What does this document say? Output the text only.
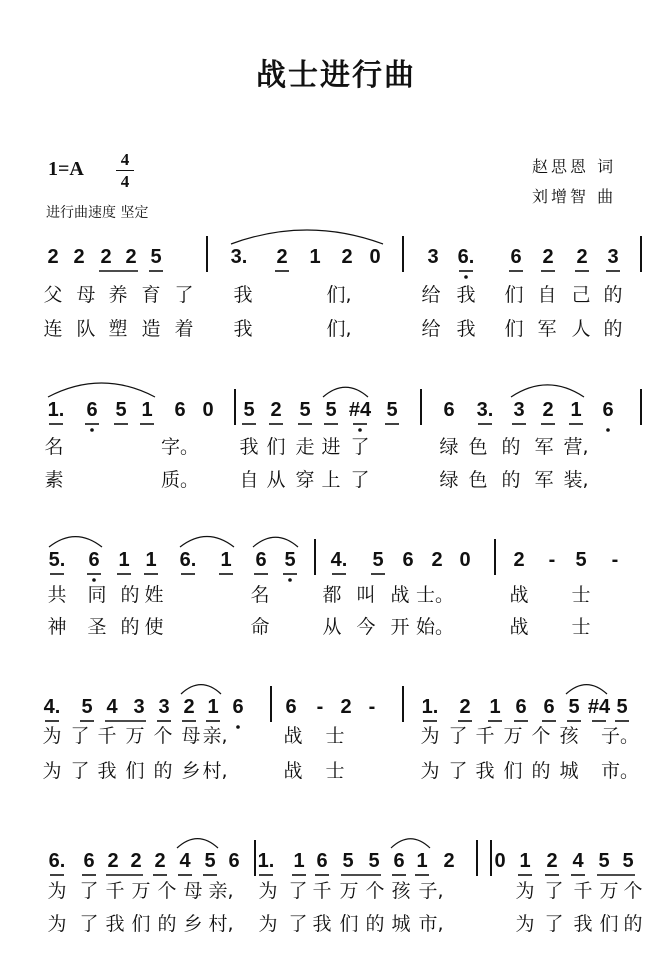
战士进行曲
1=A 4
4
进行曲速度 坚定
赵思恩 词
刘增智 曲
2 2 2 2 5	3. 2 1 2 0 3 6. 6 2 2 3
父 母 养 育 了 我	们,	给 我 们 自 己 的
连 队 塑 造 着 我	们,	给 我 们 军 人 的
1. 6 5 1 6 0 5 2 5 5 #4 5 6 3. 3 2 1 6
名	字。 我 们 走 进 了	绿 色 的 军 营,
素	质。 自 从 穿 上 了	绿 色 的 军 装,
5. 6 1 1 6. 1 6 5 4. 5 6 2 0 2 - 5 -
共 同 的 姓	名	都 叫 战 士。	战 士
神 圣 的 使	命	从 今 开 始。	战 士
4. 5 4 3 3 2 1 6 6 - 2 - 1. 2 1 6 6 5 #4 5
为 了 千 万 个 母 亲,	战 士	为 了 千 万 个 孩 子。
为 了 我 们 的 乡 村,	战 士	为 了 我 们 的 城 市。
6. 6 2 2 2 4 5 6 1. 1 6 5 5 6 1 2 0 1 2 4 5 5
为 了 千 万 个 母 亲, 为 了 千 万 个 孩 子,	为 了 千 万 个
为 了 我 们 的 乡 村, 为 了 我 们 的 城 市,	为 了 我 们 的
